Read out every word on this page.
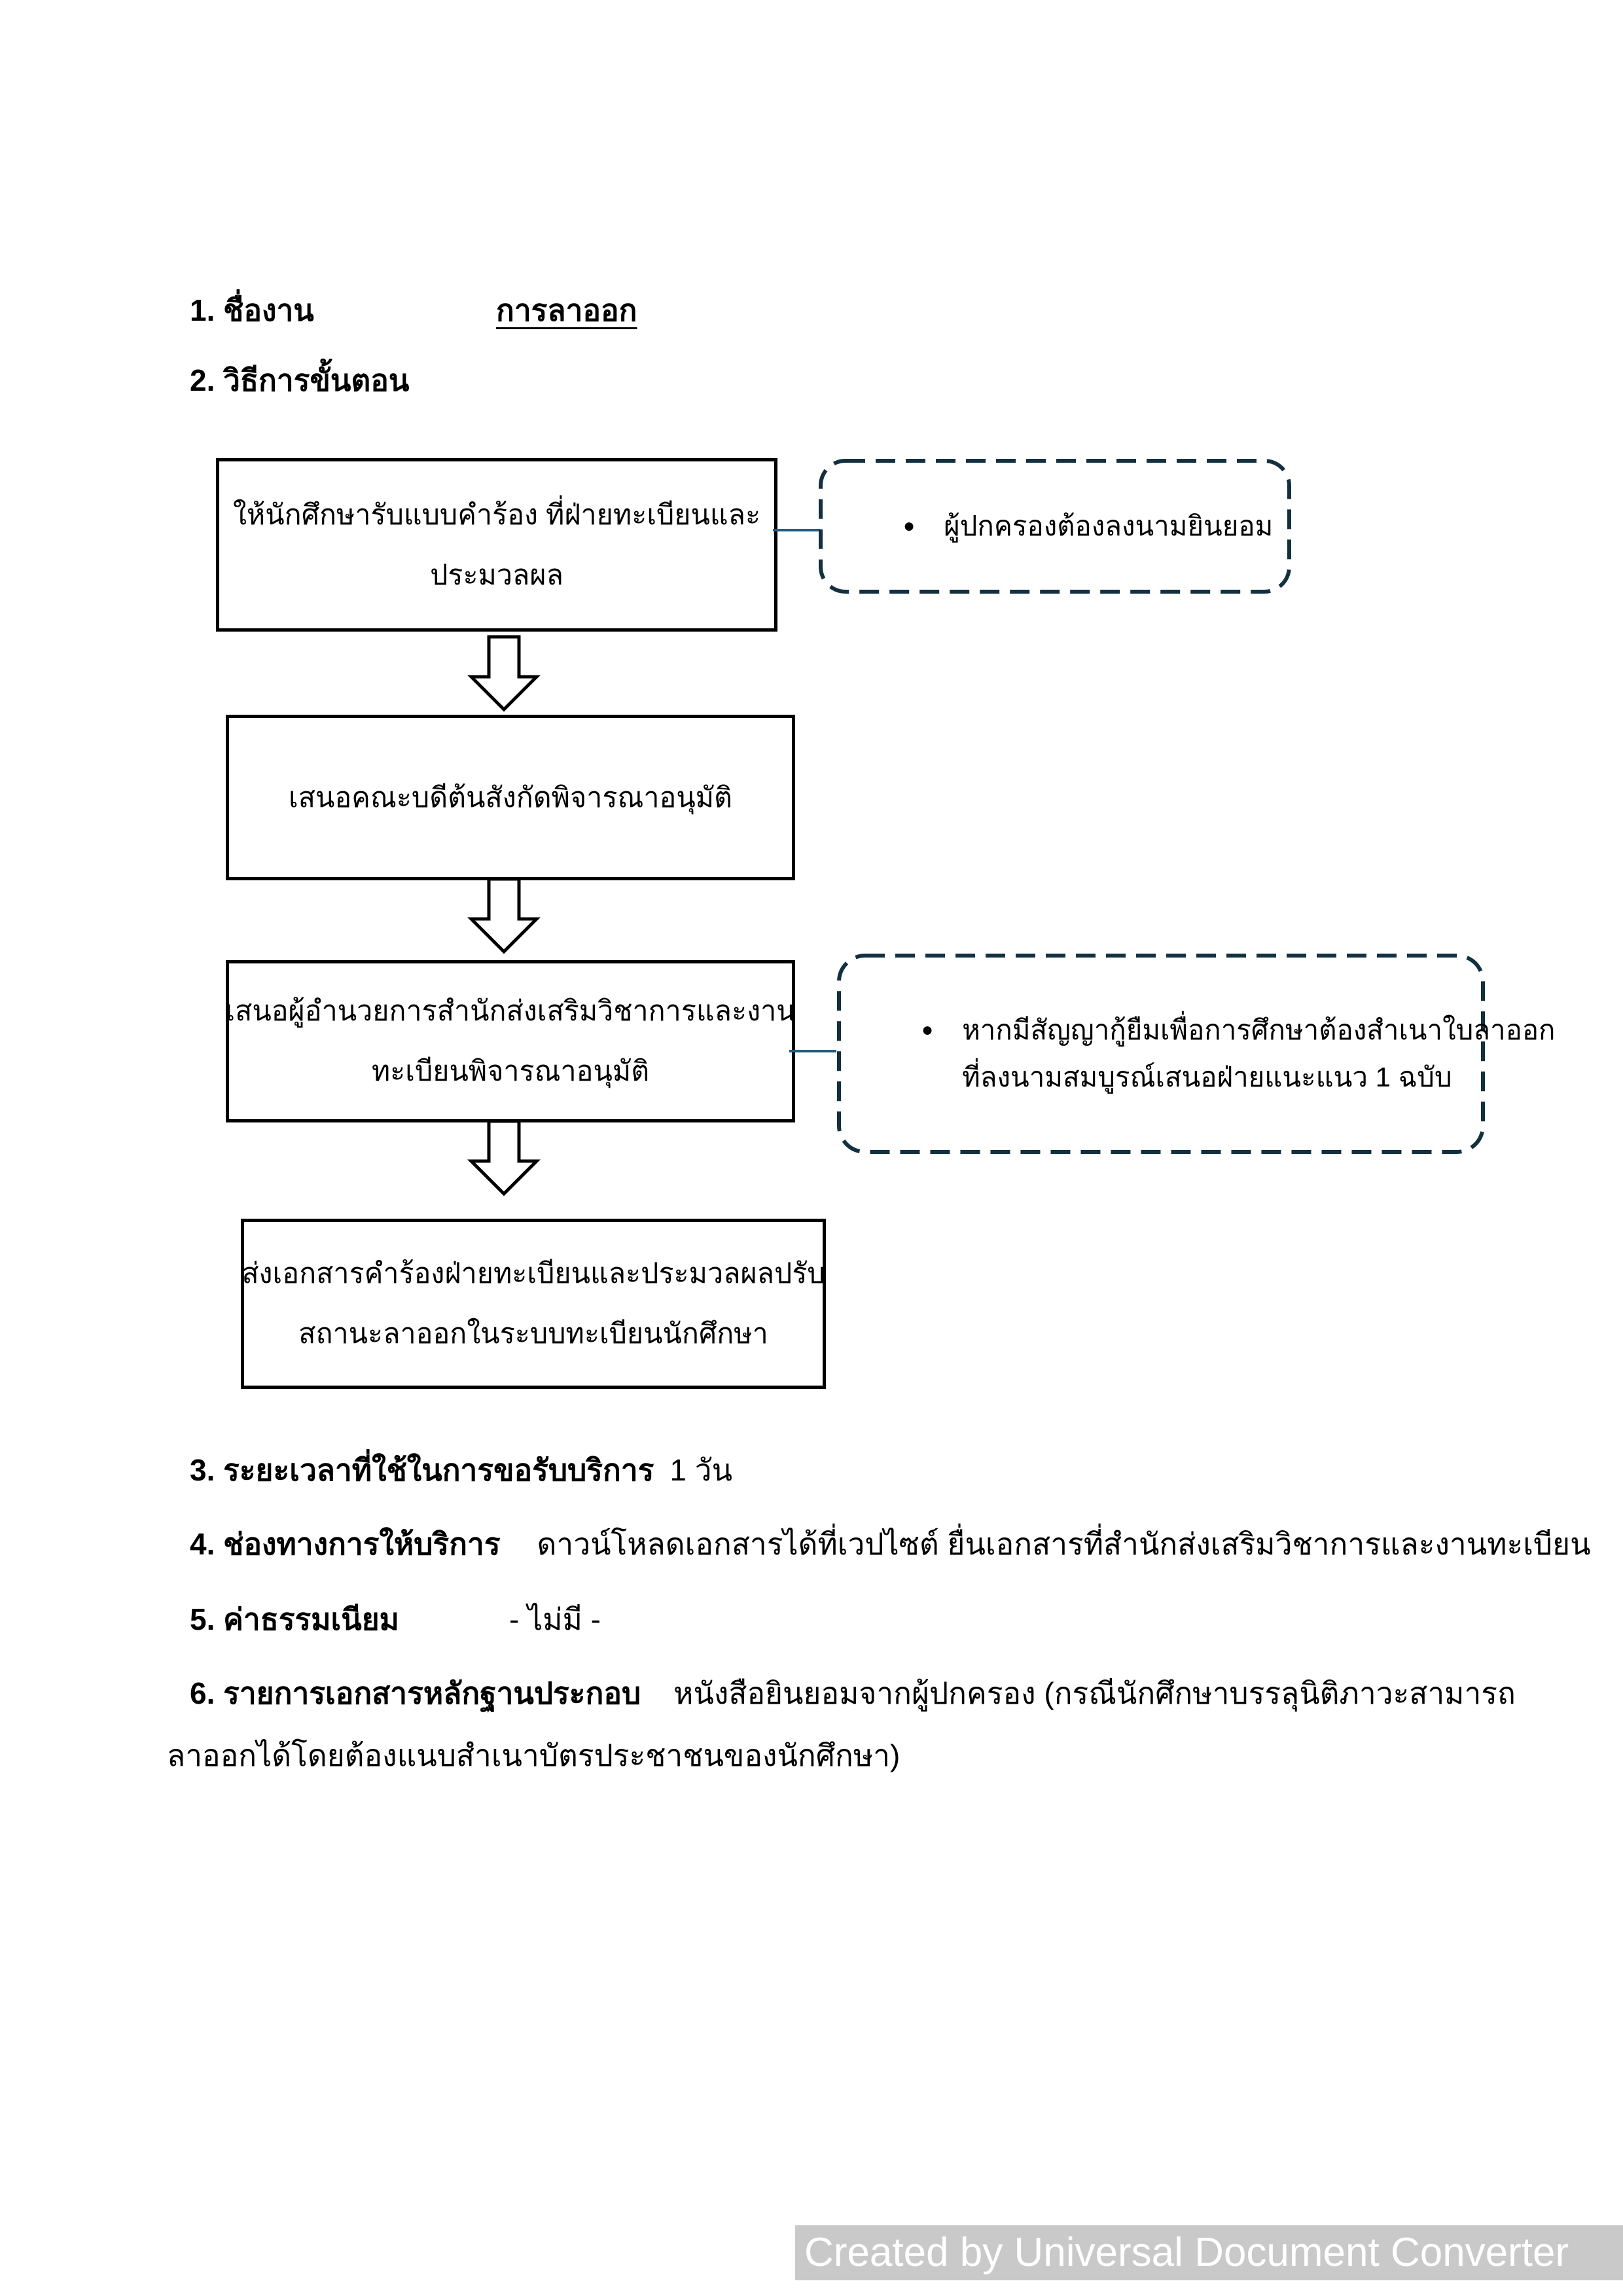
1. ชื่องาน	การลาออก
2. วิธีการขั้นตอน
ให้นักศึกษารับแบบคำร้อง ที่ฝ่ายทะเบียนและ
ประมวลผล
● ผู้ปกครองต้องลงนามยินยอม
เสนอคณะบดีต้นสังกัดพิจารณาอนุมัติ
เสนอผู้อำนวยการสำนักส่งเสริมวิชาการและงาน
ทะเบียนพิจารณาอนุมัติ
● หากมีสัญญากู้ยืมเพื่อการศึกษาต้องสำเนาใบลาออก
ที่ลงนามสมบูรณ์เสนอฝ่ายแนะแนว 1 ฉบับ
ส่งเอกสารคำร้องฝ่ายทะเบียนและประมวลผลปรับ
สถานะลาออกในระบบทะเบียนนักศึกษา
3. ระยะเวลาที่ใช้ในการขอรับบริการ 1 วัน
4. ช่องทางการให้บริการ ดาวน์โหลดเอกสารได้ที่เวปไซต์ ยื่นเอกสารที่สำนักส่งเสริมวิชาการและงานทะเบียน
5. ค่าธรรมเนียม	- ไม่มี -
6. รายการเอกสารหลักฐานประกอบ หนังสือยินยอมจากผู้ปกครอง (กรณีนักศึกษาบรรลุนิติภาวะสามารถ
ลาออกได้โดยต้องแนบสำเนาบัตรประชาชนของนักศึกษา)
Created by Universal Document Converter
